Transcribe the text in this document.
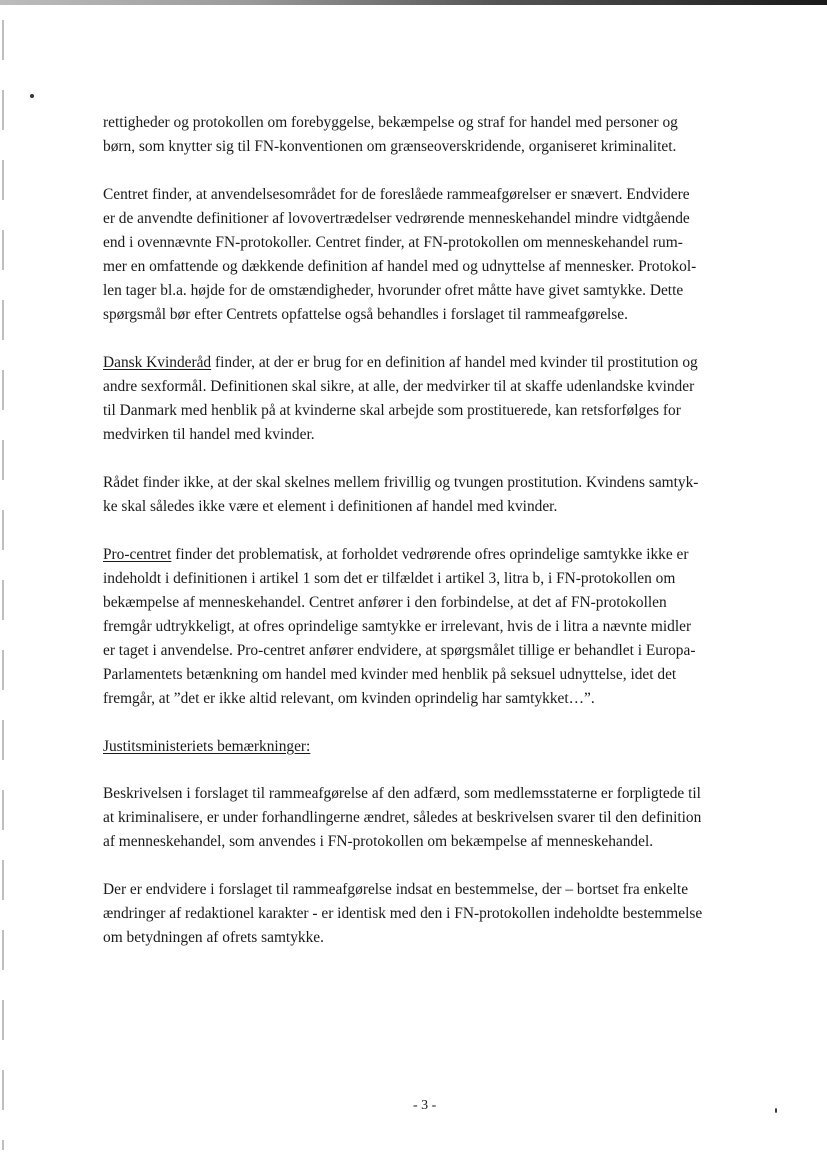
rettigheder og protokollen om forebyggelse, bekæmpelse og straf for handel med personer og
børn, som knytter sig til FN-konventionen om grænseoverskridende, organiseret kriminalitet.
Centret finder, at anvendelsesområdet for de foreslåede rammeafgørelser er snævert. Endvidere
er de anvendte definitioner af lovovertrædelser vedrørende menneskehandel mindre vidtgående
end i ovennævnte FN-protokoller. Centret finder, at FN-protokollen om menneskehandel rum-
mer en omfattende og dækkende definition af handel med og udnyttelse af mennesker. Protokol-
len tager bl.a. højde for de omstændigheder, hvorunder ofret måtte have givet samtykke. Dette
spørgsmål bør efter Centrets opfattelse også behandles i forslaget til rammeafgørelse.
Dansk Kvinderåd finder, at der er brug for en definition af handel med kvinder til prostitution og
andre sexformål. Definitionen skal sikre, at alle, der medvirker til at skaffe udenlandske kvinder
til Danmark med henblik på at kvinderne skal arbejde som prostituerede, kan retsforfølges for
medvirken til handel med kvinder.
Rådet finder ikke, at der skal skelnes mellem frivillig og tvungen prostitution. Kvindens samtyk-
ke skal således ikke være et element i definitionen af handel med kvinder.
Pro-centret finder det problematisk, at forholdet vedrørende ofres oprindelige samtykke ikke er
indeholdt i definitionen i artikel 1 som det er tilfældet i artikel 3, litra b, i FN-protokollen om
bekæmpelse af menneskehandel. Centret anfører i den forbindelse, at det af FN-protokollen
fremgår udtrykkeligt, at ofres oprindelige samtykke er irrelevant, hvis de i litra a nævnte midler
er taget i anvendelse. Pro-centret anfører endvidere, at spørgsmålet tillige er behandlet i Europa-
Parlamentets betænkning om handel med kvinder med henblik på seksuel udnyttelse, idet det
fremgår, at ”det er ikke altid relevant, om kvinden oprindelig har samtykket…”.
Justitsministeriets bemærkninger:
Beskrivelsen i forslaget til rammeafgørelse af den adfærd, som medlemsstaterne er forpligtede til
at kriminalisere, er under forhandlingerne ændret, således at beskrivelsen svarer til den definition
af menneskehandel, som anvendes i FN-protokollen om bekæmpelse af menneskehandel.
Der er endvidere i forslaget til rammeafgørelse indsat en bestemmelse, der – bortset fra enkelte
ændringer af redaktionel karakter - er identisk med den i FN-protokollen indeholdte bestemmelse
om betydningen af ofrets samtykke.
- 3 -
